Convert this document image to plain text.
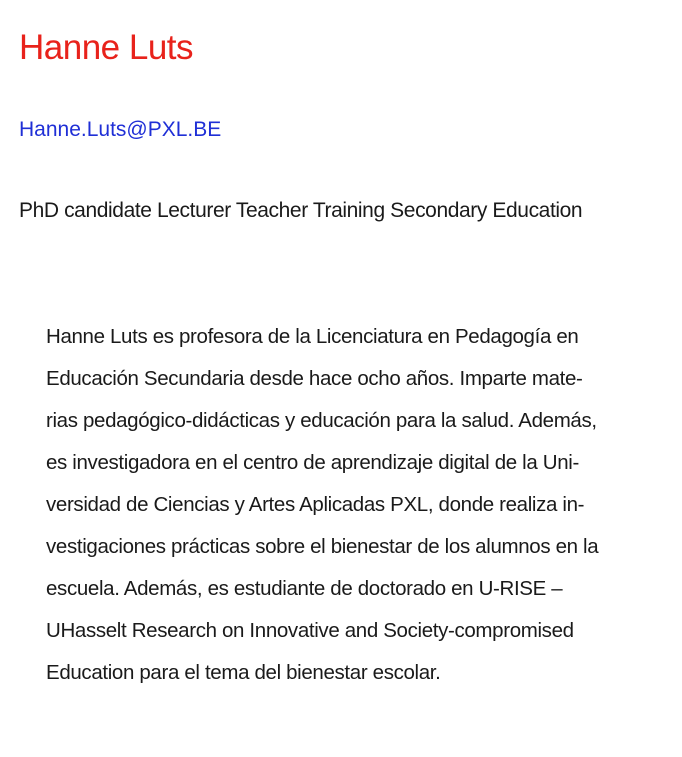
Hanne Luts
Hanne.Luts@PXL.BE
PhD candidate Lecturer Teacher Training Secondary Education
Hanne Luts es profesora de la Licenciatura en Pedagogía en
Educación Secundaria desde hace ocho años. Imparte mate-
rias pedagógico-didácticas y educación para la salud. Además,
es investigadora en el centro de aprendizaje digital de la Uni-
versidad de Ciencias y Artes Aplicadas PXL, donde realiza in-
vestigaciones prácticas sobre el bienestar de los alumnos en la
escuela. Además, es estudiante de doctorado en U-RISE –
UHasselt Research on Innovative and Society-compromised
Education para el tema del bienestar escolar.
